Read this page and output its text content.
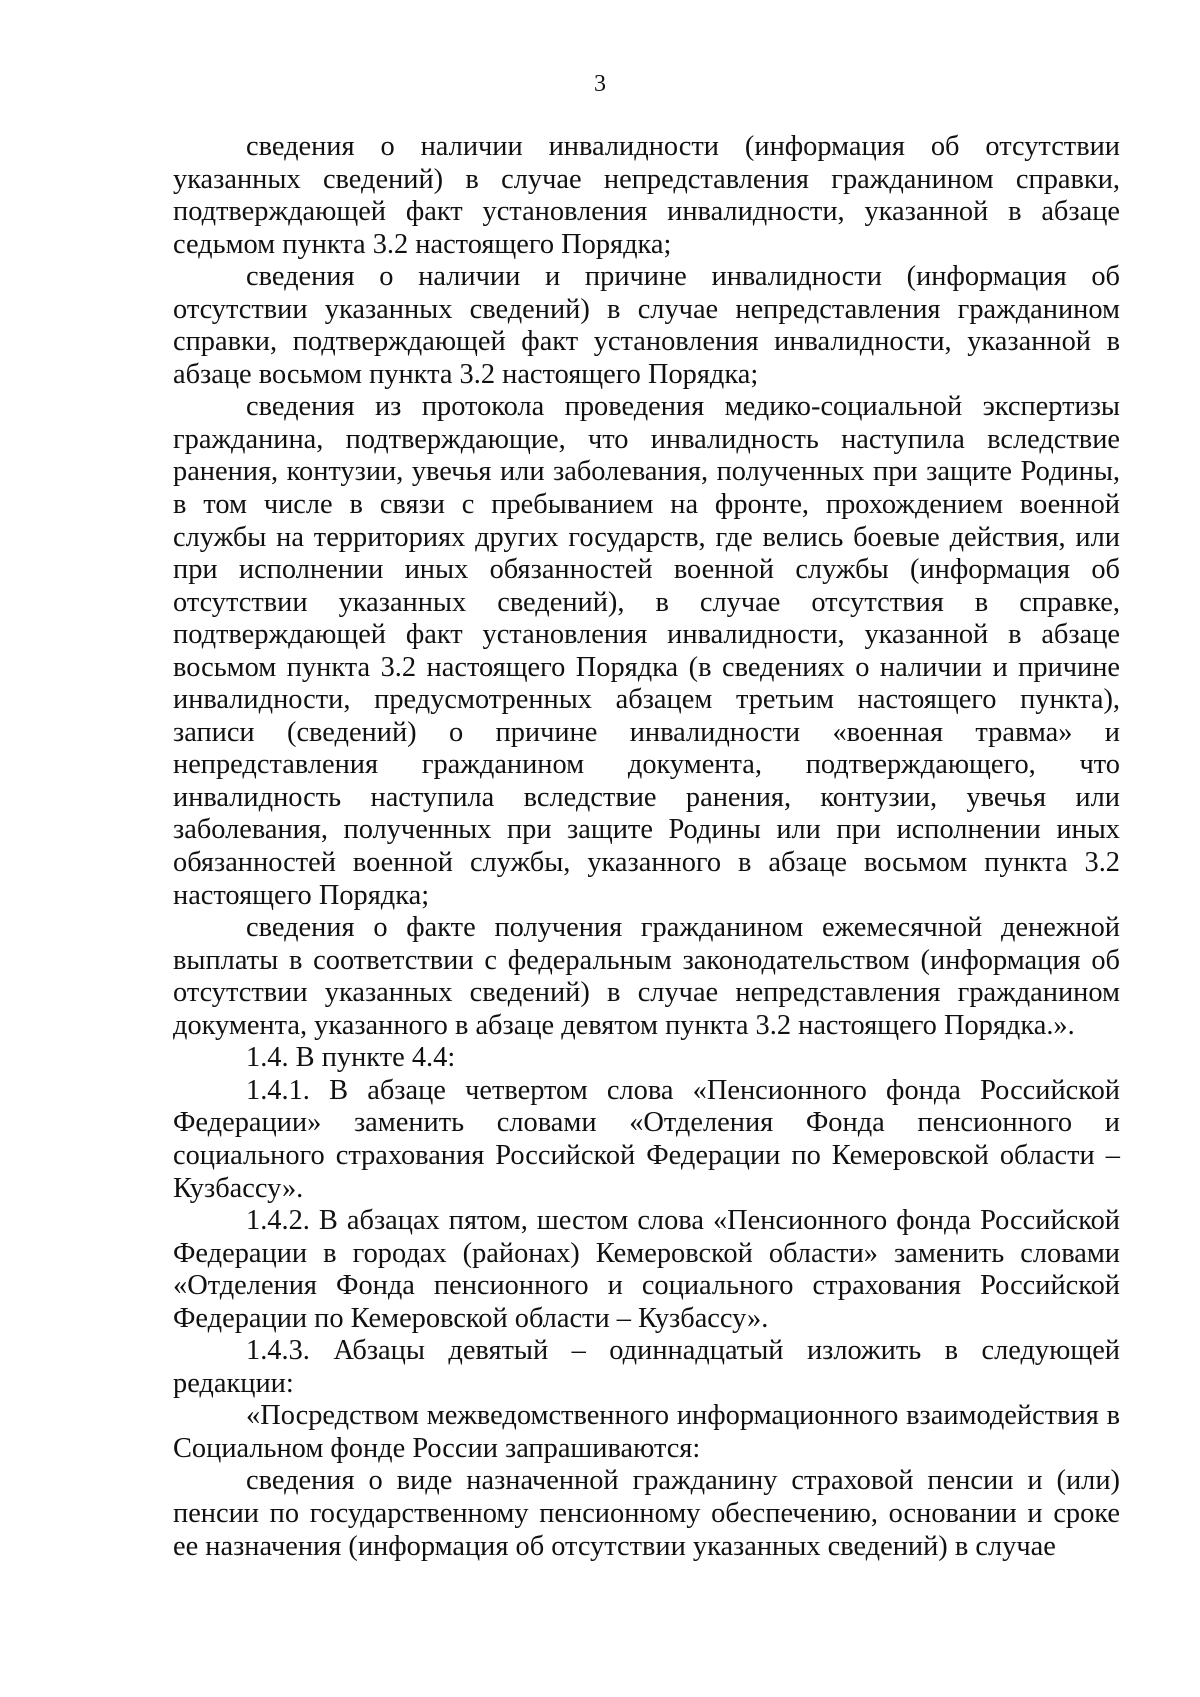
3

сведения о наличии инвалидности (информация об отсутствии указанных сведений) в случае непредставления гражданином справки, подтверждающей факт установления инвалидности, указанной в абзаце седьмом пункта 3.2 настоящего Порядка;

сведения о наличии и причине инвалидности (информация об отсутствии указанных сведений) в случае непредставления гражданином справки, подтверждающей факт установления инвалидности, указанной в абзаце восьмом пункта 3.2 настоящего Порядка;

сведения из протокола проведения медико-социальной экспертизы гражданина, подтверждающие, что инвалидность наступила вследствие ранения, контузии, увечья или заболевания, полученных при защите Родины, в том числе в связи с пребыванием на фронте, прохождением военной службы на территориях других государств, где велись боевые действия, или при исполнении иных обязанностей военной службы (информация об отсутствии указанных сведений), в случае отсутствия в справке, подтверждающей факт установления инвалидности, указанной в абзаце восьмом пункта 3.2 настоящего Порядка (в сведениях о наличии и причине инвалидности, предусмотренных абзацем третьим настоящего пункта), записи (сведений) о причине инвалидности «военная травма» и непредставления гражданином документа, подтверждающего, что инвалидность наступила вследствие ранения, контузии, увечья или заболевания, полученных при защите Родины или при исполнении иных обязанностей военной службы, указанного в абзаце восьмом пункта 3.2 настоящего Порядка;

сведения о факте получения гражданином ежемесячной денежной выплаты в соответствии с федеральным законодательством (информация об отсутствии указанных сведений) в случае непредставления гражданином документа, указанного в абзаце девятом пункта 3.2 настоящего Порядка.».

1.4. В пункте 4.4:

1.4.1. В абзаце четвертом слова «Пенсионного фонда Российской Федерации» заменить словами «Отделения Фонда пенсионного и социального страхования Российской Федерации по Кемеровской области – Кузбассу».

1.4.2. В абзацах пятом, шестом слова «Пенсионного фонда Российской Федерации в городах (районах) Кемеровской области» заменить словами «Отделения Фонда пенсионного и социального страхования Российской Федерации по Кемеровской области – Кузбассу».

1.4.3. Абзацы девятый – одиннадцатый изложить в следующей редакции:

«Посредством межведомственного информационного взаимодействия в Социальном фонде России запрашиваются:

сведения о виде назначенной гражданину страховой пенсии и (или) пенсии по государственному пенсионному обеспечению, основании и сроке ее назначения (информация об отсутствии указанных сведений) в случае
